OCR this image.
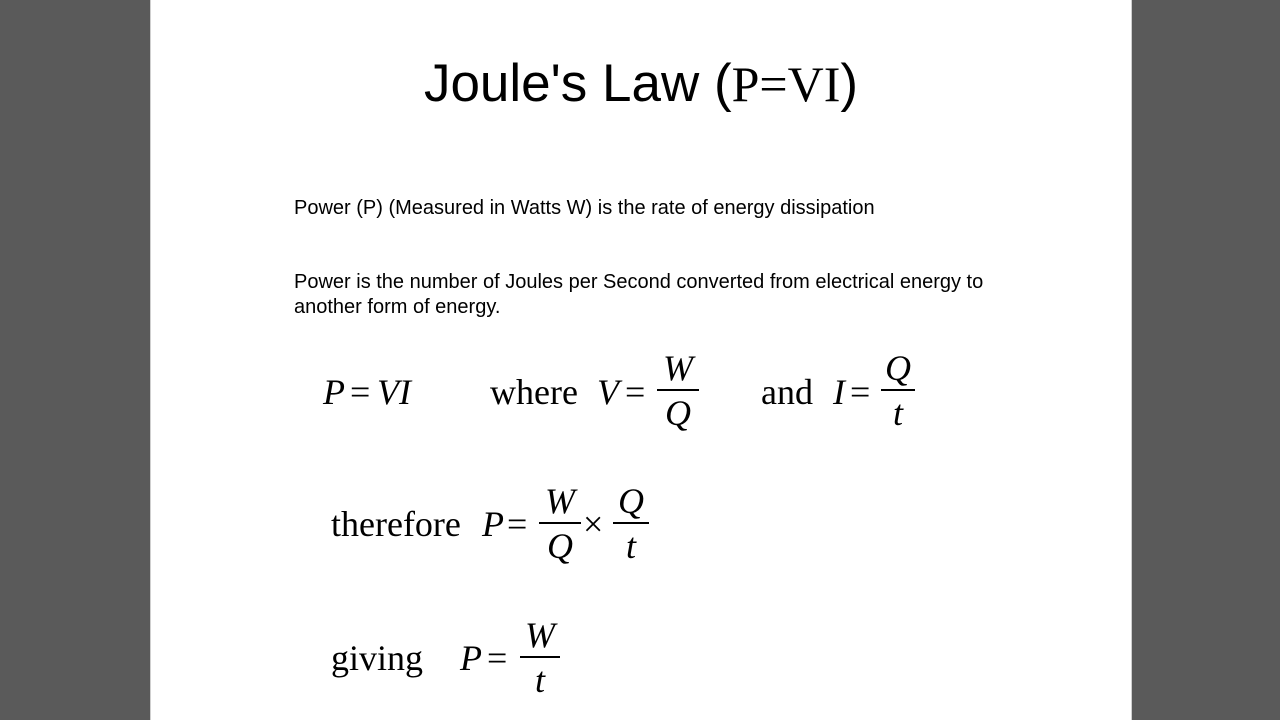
Joule's Law (P=VI)
Power (P) (Measured in Watts W) is the rate of energy dissipation
Power is the number of Joules per Second converted from electrical energy to another form of energy.
P = VI where V =
W
Q
and I =
Q
t
therefore P =
W
Q
×
Q
t
giving P =
W
t
